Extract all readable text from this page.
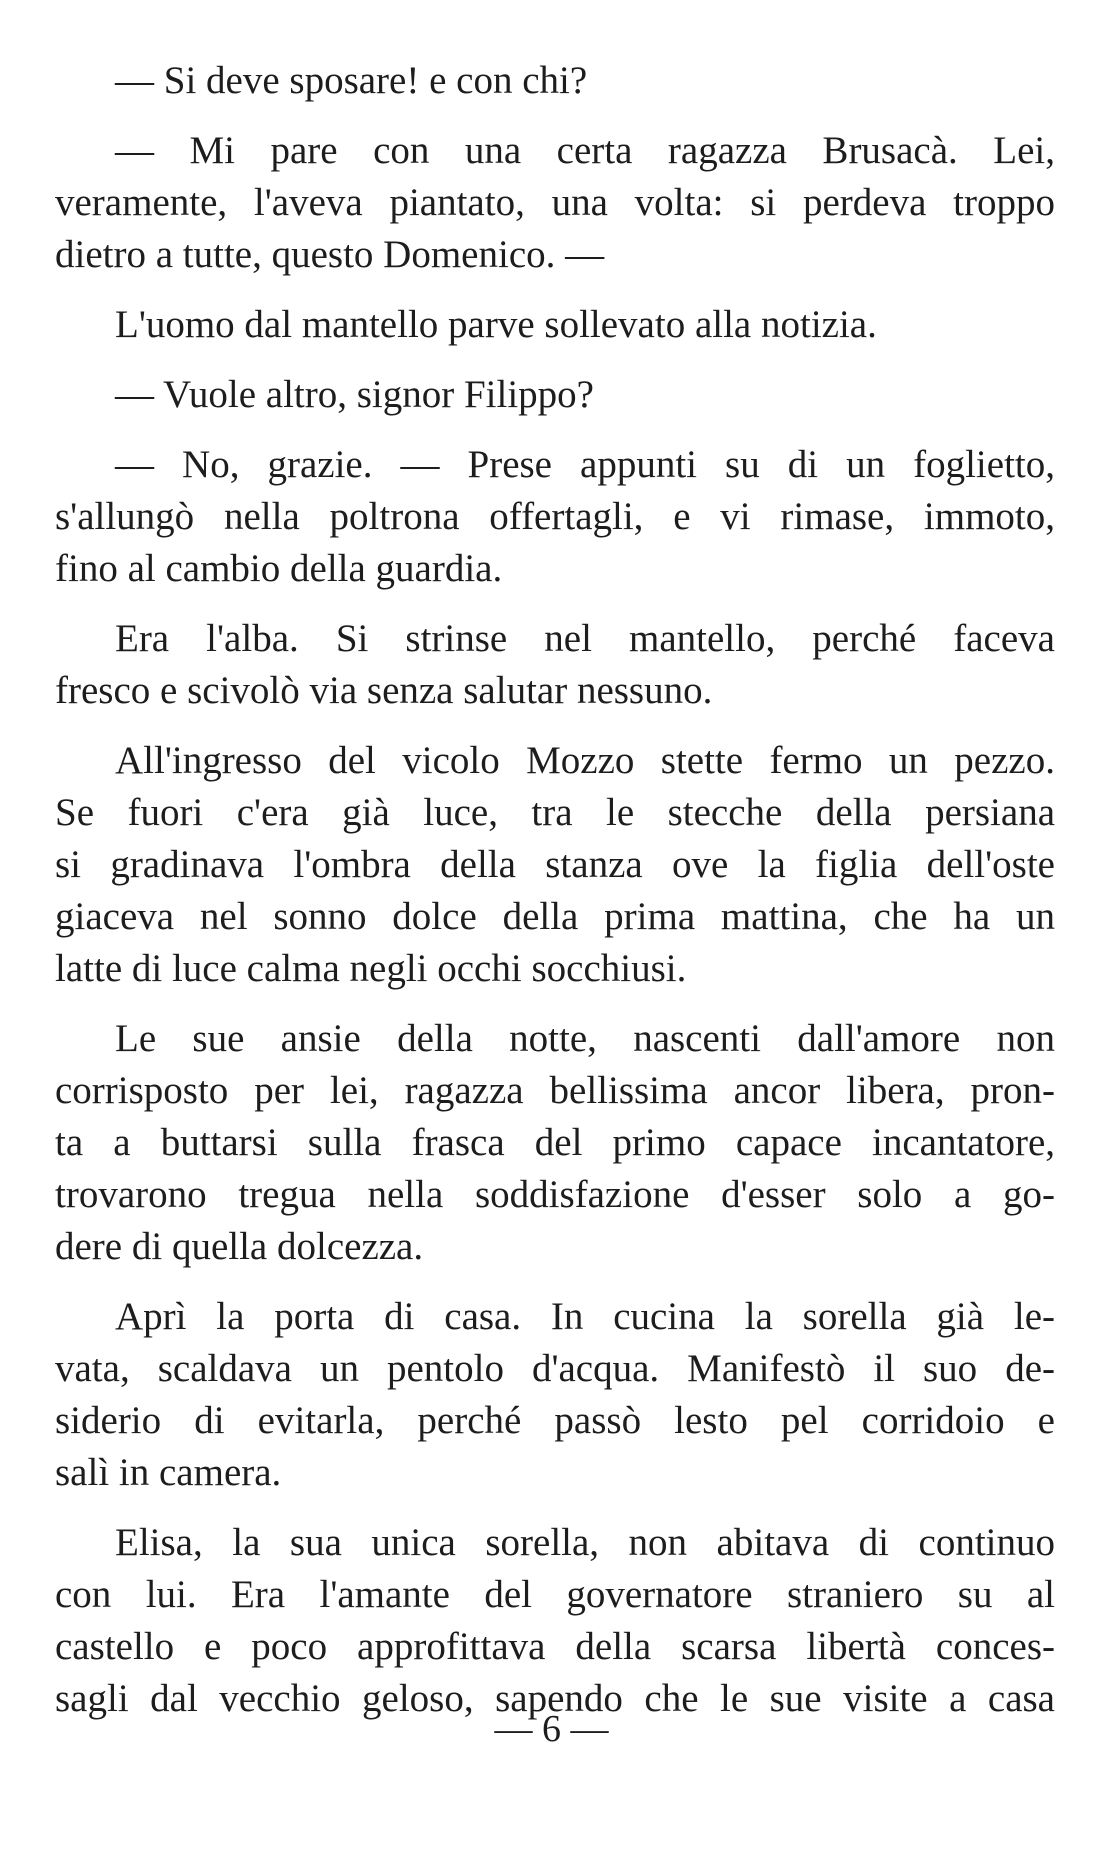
— Si deve sposare! e con chi?

— Mi pare con una certa ragazza Brusacà. Lei,
veramente, l'aveva piantato, una volta: si perdeva troppo
dietro a tutte, questo Domenico. —

L'uomo dal mantello parve sollevato alla notizia.

— Vuole altro, signor Filippo?

— No, grazie. — Prese appunti su di un foglietto,
s'allungò nella poltrona offertagli, e vi rimase, immoto,
fino al cambio della guardia.

Era l'alba. Si strinse nel mantello, perché faceva
fresco e scivolò via senza salutar nessuno.

All'ingresso del vicolo Mozzo stette fermo un pezzo.
Se fuori c'era già luce, tra le stecche della persiana
si gradinava l'ombra della stanza ove la figlia dell'oste
giaceva nel sonno dolce della prima mattina, che ha un
latte di luce calma negli occhi socchiusi.

Le sue ansie della notte, nascenti dall'amore non
corrisposto per lei, ragazza bellissima ancor libera, pron-
ta a buttarsi sulla frasca del primo capace incantatore,
trovarono tregua nella soddisfazione d'esser solo a go-
dere di quella dolcezza.

Aprì la porta di casa. In cucina la sorella già le-
vata, scaldava un pentolo d'acqua. Manifestò il suo de-
siderio di evitarla, perché passò lesto pel corridoio e
salì in camera.

Elisa, la sua unica sorella, non abitava di continuo
con lui. Era l'amante del governatore straniero su al
castello e poco approfittava della scarsa libertà conces-
sagli dal vecchio geloso, sapendo che le sue visite a casa

— 6 —
